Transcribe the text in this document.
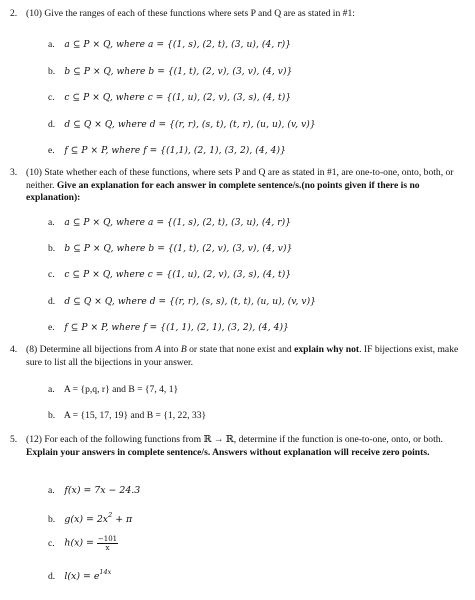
2. (10) Give the ranges of each of these functions where sets P and Q are as stated in #1:
a. a ⊆ P × Q, where a = {(1, s), (2, t), (3, u), (4, r)}
b. b ⊆ P × Q, where b = {(1, t), (2, v), (3, v), (4, v)}
c. c ⊆ P × Q, where c = {(1, u), (2, v), (3, s), (4, t)}
d. d ⊆ Q × Q, where d = {(r, r), (s, t), (t, r), (u, u), (v, v)}
e. f ⊆ P × P, where f = {(1,1), (2, 1), (3, 2), (4, 4)}
3. (10) State whether each of these functions, where sets P and Q are as stated in #1, are one-to-one, onto, both, or neither. Give an explanation for each answer in complete sentence/s.(no points given if there is no explanation):
a. a ⊆ P × Q, where a = {(1, s), (2, t), (3, u), (4, r)}
b. b ⊆ P × Q, where b = {(1, t), (2, v), (3, v), (4, v)}
c. c ⊆ P × Q, where c = {(1, u), (2, v), (3, s), (4, t)}
d. d ⊆ Q × Q, where d = {(r, r), (s, s), (t, t), (u, u), (v, v)}
e. f ⊆ P × P, where f = {(1, 1), (2, 1), (3, 2), (4, 4)}
4. (8) Determine all bijections from A into B or state that none exist and explain why not. IF bijections exist, make sure to list all the bijections in your answer.
a. A = {p,q, r} and B = {7, 4, 1}
b. A = {15, 17, 19} and B = {1, 22, 33}
5. (12) For each of the following functions from ℝ → ℝ, determine if the function is one-to-one, onto, or both. Explain your answers in complete sentence/s. Answers without explanation will receive zero points.
a. f(x) = 7x − 24.3
b. $g(x) = 2x^2 + \pi$
c. $h(x) = \frac{-101}{x}$
d. $l(x) = e^{14x}$
